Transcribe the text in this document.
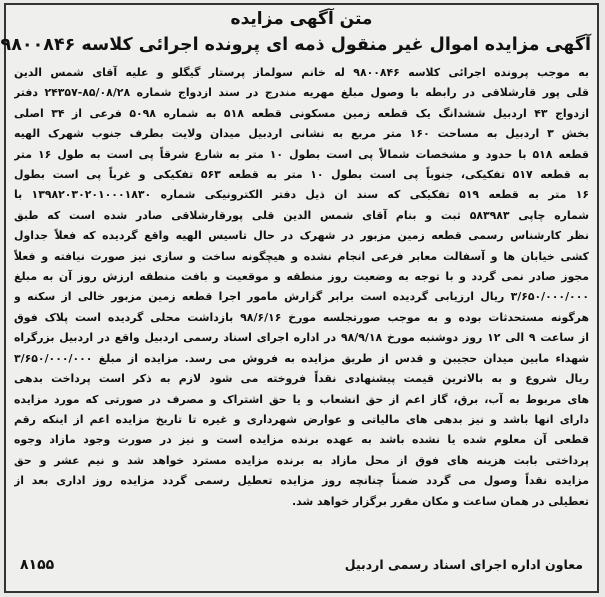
متن آگهی مزایده
آگهی مزایده اموال غیر منقول ذمه ای پرونده اجرائی کلاسه ۹۸۰۰۸۴۶
به موجب پرونده اجرائی کلاسه ۹۸۰۰۸۴۶ له خانم سولماز پرستار گیگلو و علیه آقای شمس الدین
قلی پور قارشلاقی در رابطه با وصول مبلغ مهریه مندرج در سند ازدواج شماره ۸۵/۰۸/۲۸-۲۴۳۵۷ دفتر
ازدواج ۴۳ اردبیل ششدانگ یک قطعه زمین مسکونی قطعه ۵۱۸ به شماره ۵۰۹۸ فرعی از ۳۴ اصلی
بخش ۳ اردبیل به مساحت ۱۶۰ متر مربع به نشانی اردبیل میدان ولایت بطرف جنوب شهرک الهیه
قطعه ۵۱۸ با حدود و مشخصات شمالاً پی است بطول ۱۰ متر به شارع شرقاً پی است به طول ۱۶ متر
به قطعه ۵۱۷ تفکیکی، جنوباً پی است بطول ۱۰ متر به قطعه ۵۶۳ تفکیکی و غرباً پی است بطول
۱۶ متر به قطعه ۵۱۹ تفکیکی که سند ان ذیل دفتر الکترونیکی شماره ۱۳۹۸۲۰۳۰۲۰۱۰۰۰۱۸۳۰ با
شماره چاپی ۵۸۳۹۸۳ ثبت و بنام آقای شمس الدین قلی پورقارشلاقی صادر شده است که طبق
نظر کارشناس رسمی قطعه زمین مزبور در شهرک در حال تاسیس الهیه واقع گردیده که فعلاً جداول
کشی خیابان ها و آسفالت معابر فرعی انجام نشده و هیچگونه ساخت و سازی نیز صورت نیافته و فعلاً
مجوز صادر نمی گردد و با توجه به وضعیت روز منطقه و موقعیت و بافت منطقه ارزش روز آن به مبلغ
۳/۶۵۰/۰۰۰/۰۰۰ ریال ارزیابی گردیده است برابر گزارش مامور اجرا قطعه زمین مزبور خالی از سکنه و
هرگونه مستحدثات بوده و به موجب صورتجلسه مورخ ۹۸/۶/۱۶ بازداشت محلی گردیده است پلاک فوق
از ساعت ۹ الی ۱۲ روز دوشنبه مورخ ۹۸/۹/۱۸ در اداره اجرای اسناد رسمی اردبیل واقع در اردبیل بزرگراه
شهداء مابین میدان حجیبن و قدس از طریق مزایده به فروش می رسد. مزایده از مبلغ ۳/۶۵۰/۰۰۰/۰۰۰
ریال شروع و به بالاترین قیمت پیشنهادی نقداً فروخته می شود لازم به ذکر است پرداخت بدهی
های مربوط به آب، برق، گاز اعم از حق انشعاب و یا حق اشتراک و مصرف در صورتی که مورد مزایده
دارای انها باشد و نیز بدهی های مالیاتی و عوارض شهرداری و غیره تا تاریخ مزایده اعم از اینکه رقم
قطعی آن معلوم شده یا نشده باشد به عهده برنده مزایده است و نیز در صورت وجود مازاد وجوه
پرداختی بابت هزینه های فوق از محل مازاد به برنده مزایده مسترد خواهد شد و نیم عشر و حق
مزایده نقداً وصول می گردد ضمناً چنانچه روز مزایده تعطیل رسمی گردد مزایده روز اداری بعد از
تعطیلی در همان ساعت و مکان مقرر برگزار خواهد شد.
معاون اداره اجرای اسناد رسمی اردبیل
۸۱۵۵
